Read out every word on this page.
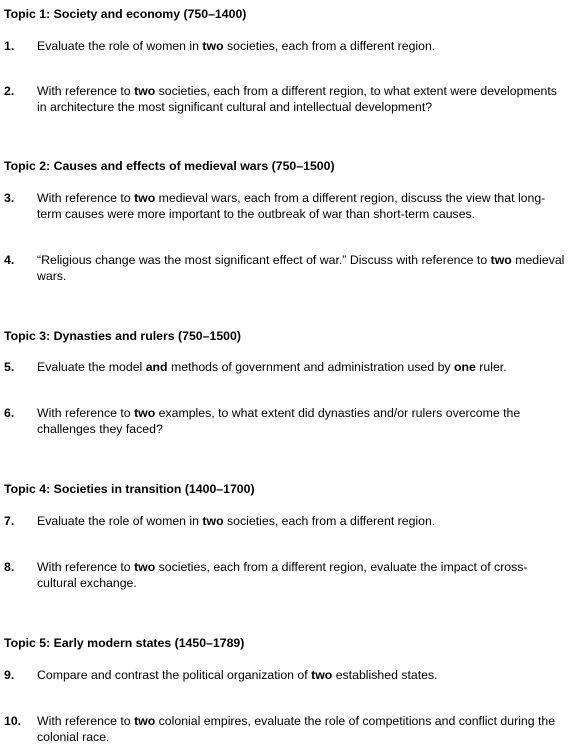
Topic 1: Society and economy (750–1400)
1. Evaluate the role of women in two societies, each from a different region.
2. With reference to two societies, each from a different region, to what extent were developments in architecture the most significant cultural and intellectual development?
Topic 2: Causes and effects of medieval wars (750–1500)
3. With reference to two medieval wars, each from a different region, discuss the view that long-term causes were more important to the outbreak of war than short-term causes.
4. “Religious change was the most significant effect of war.” Discuss with reference to two medieval wars.
Topic 3: Dynasties and rulers (750–1500)
5. Evaluate the model and methods of government and administration used by one ruler.
6. With reference to two examples, to what extent did dynasties and/or rulers overcome the challenges they faced?
Topic 4: Societies in transition (1400–1700)
7. Evaluate the role of women in two societies, each from a different region.
8. With reference to two societies, each from a different region, evaluate the impact of cross-cultural exchange.
Topic 5: Early modern states (1450–1789)
9. Compare and contrast the political organization of two established states.
10. With reference to two colonial empires, evaluate the role of competitions and conflict during the colonial race.
